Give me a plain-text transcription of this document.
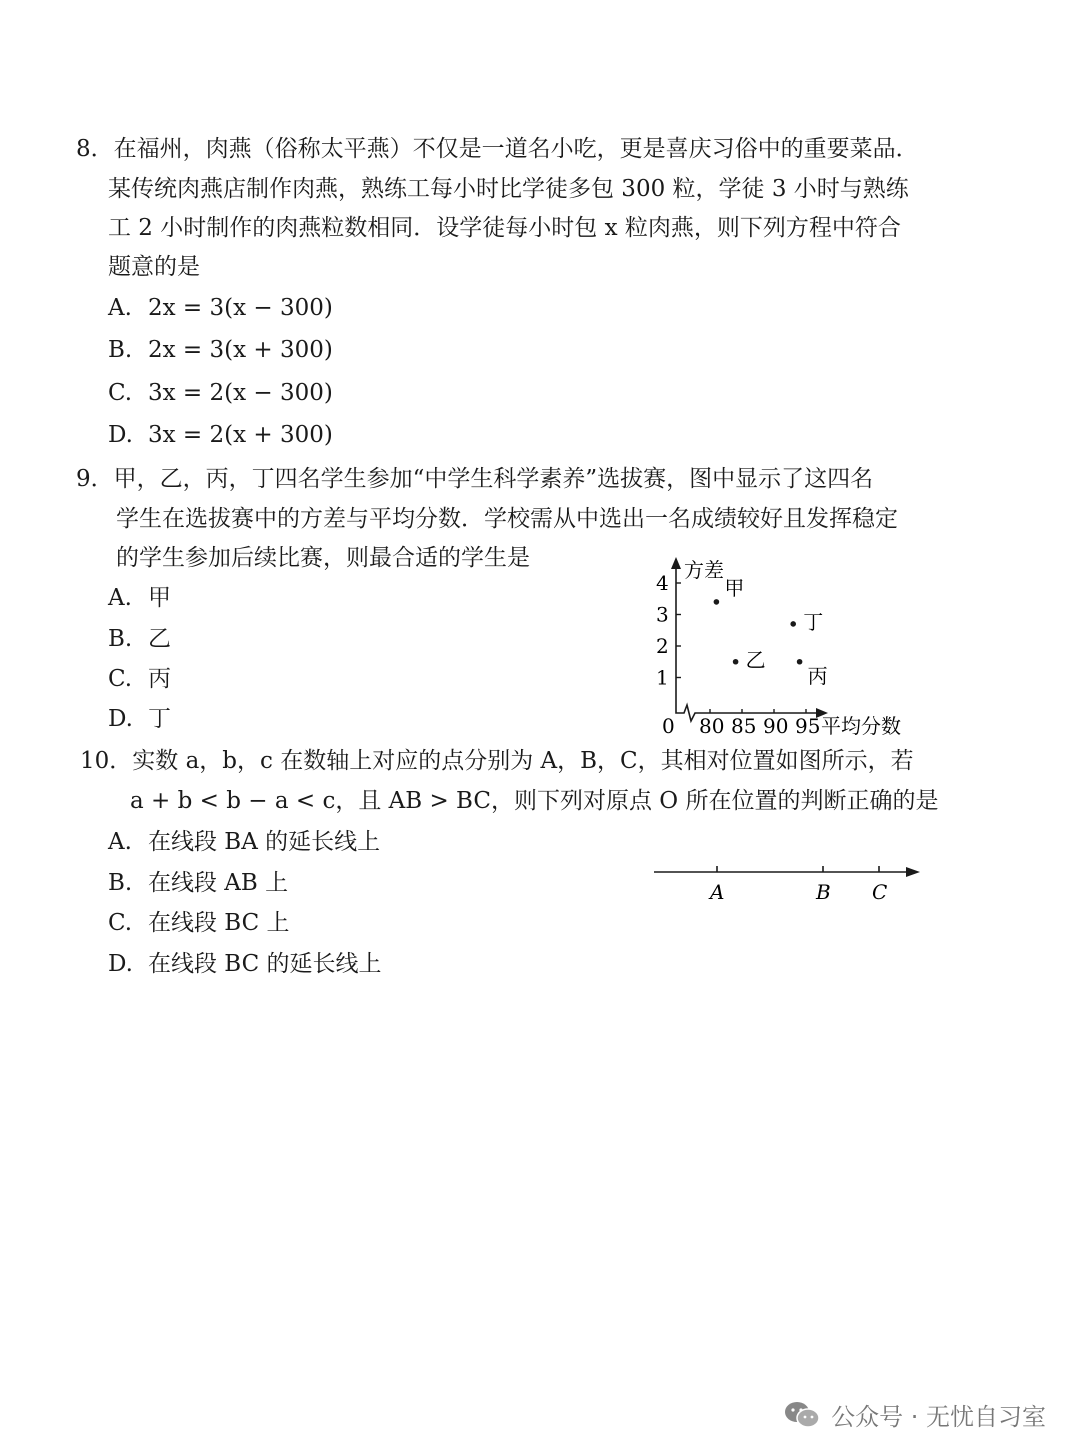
8．在福州，肉燕（俗称太平燕）不仅是一道名小吃，更是喜庆习俗中的重要菜品．
某传统肉燕店制作肉燕，熟练工每小时比学徒多包 300 粒，学徒 3 小时与熟练
工 2 小时制作的肉燕粒数相同．设学徒每小时包 x 粒肉燕，则下列方程中符合
题意的是
A. 2x = 3(x − 300)
B. 2x = 3(x + 300)
C. 3x = 2(x − 300)
D. 3x = 2(x + 300)
9．甲，乙，丙，丁四名学生参加“中学生科学素养”选拔赛，图中显示了这四名
学生在选拔赛中的方差与平均分数．学校需从中选出一名成绩较好且发挥稳定
的学生参加后续比赛，则最合适的学生是
A. 甲
B. 乙
C. 丙
D. 丁	0
方差
平均分数
80 85 90 95
1
2
3
4	甲
乙
丙
丁
10．实数 a，b，c 在数轴上对应的点分别为 A，B，C，其相对位置如图所示，若
a + b < b − a < c，且 AB > BC，则下列对原点 O 所在位置的判断正确的是
A. 在线段 BA 的延长线上
B. 在线段 AB 上
C. 在线段 BC 上
D. 在线段 BC 的延长线上
A	B C
公众号 · 无忧自习室
